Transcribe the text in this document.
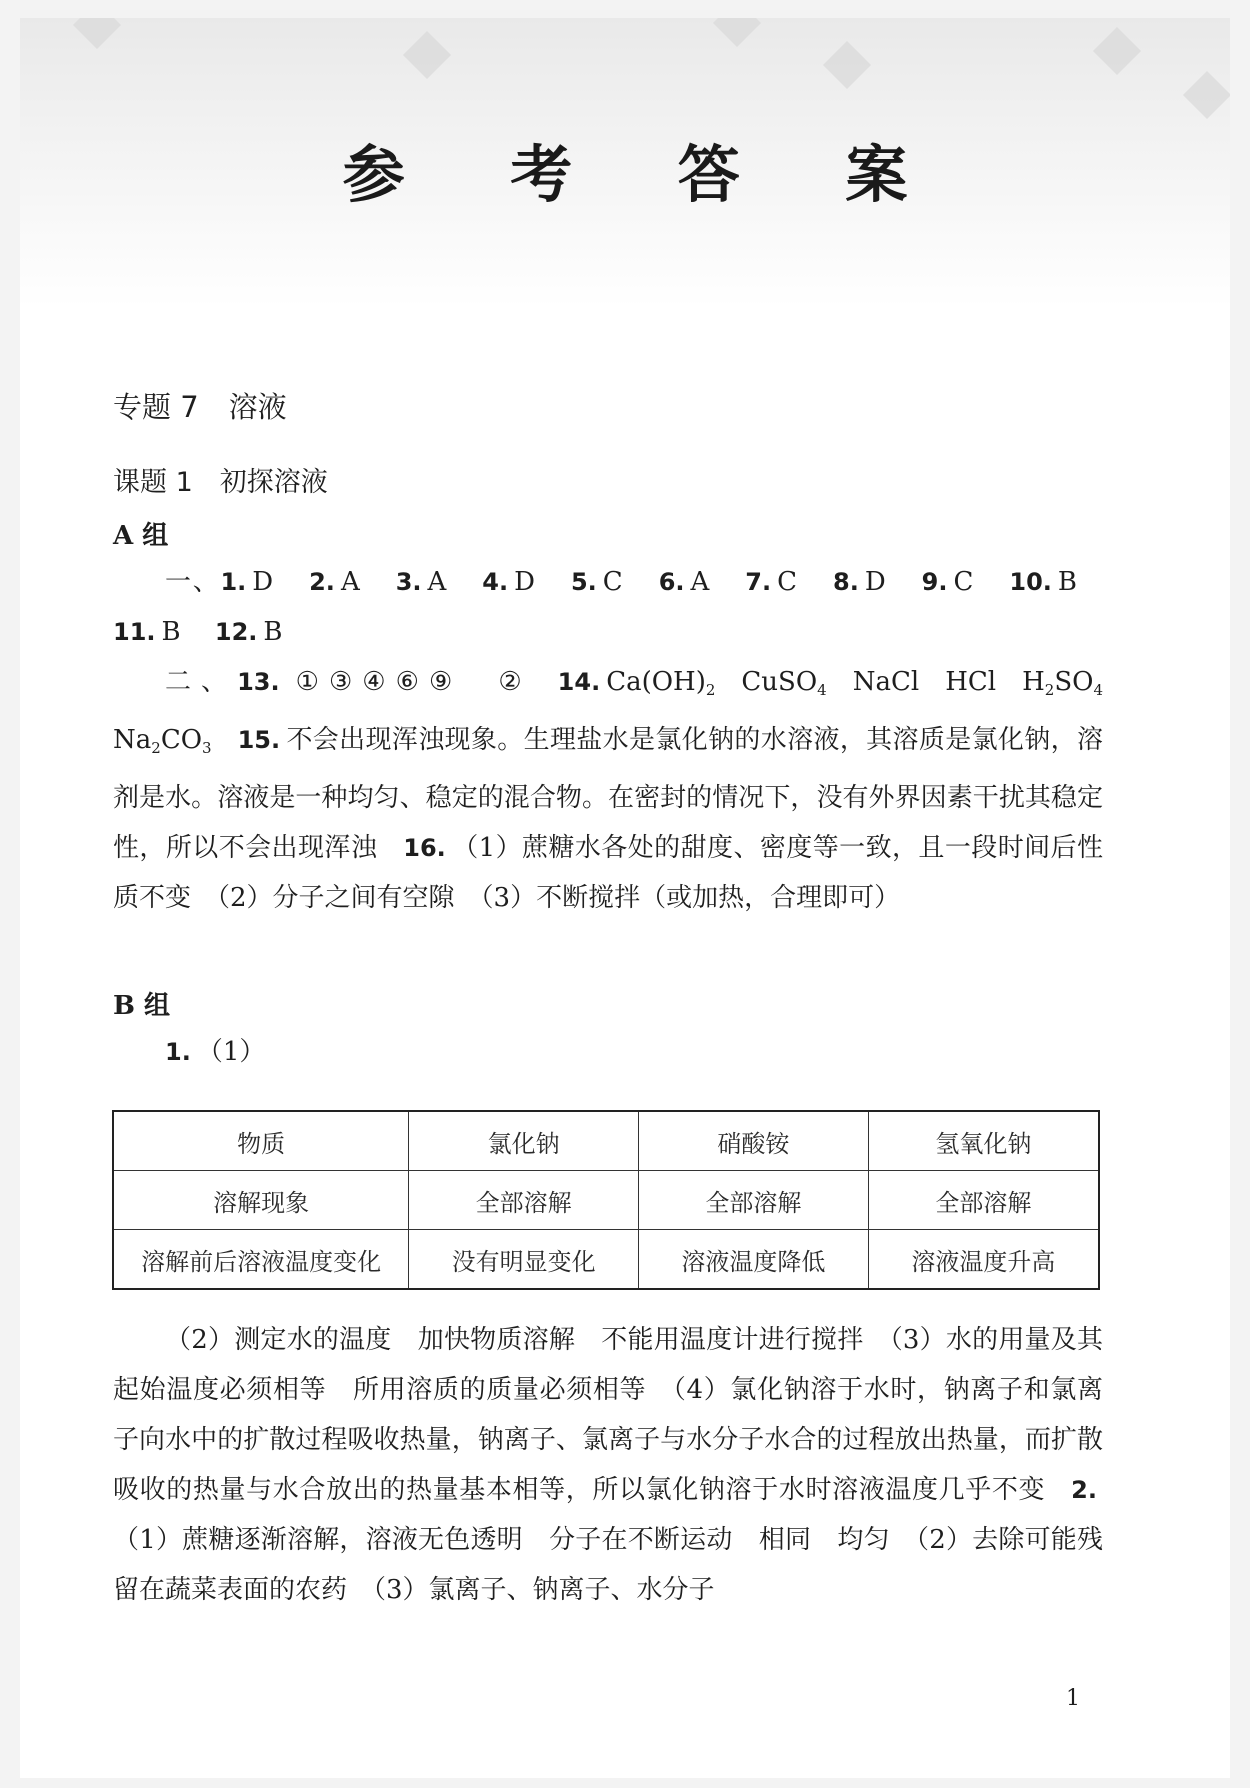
参 考 答 案
专题 7 溶液
课题 1　初探溶液
A 组
一、1. D 2. A 3. A 4. D 5. C 6. A 7. C 8. D 9. C 10. B 11. B 12. B
二、13. ①③④⑥⑨ ② 14. $Ca(OH)_2$ CuSO$_4$ NaCl HCl $H_2SO_4$ $Na_2CO_3$ 15. 不会出现浑浊现象。生理盐水是氯化钠的水溶液，其溶质是氯化钠，溶剂是水。溶液是一种均匀、稳定的混合物。在密封的情况下，没有外界因素干扰其稳定性，所以不会出现浑浊 16. （1）蔗糖水各处的甜度、密度等一致，且一段时间后性质不变　（2）分子之间有空隙　（3）不断搅拌（或加热，合理即可）
B 组
1. （1）
物质	氯化钠	硝酸铵	氢氧化钠
溶解现象	全部溶解	全部溶解	全部溶解
溶解前后溶液温度变化	没有明显变化	溶液温度降低	溶液温度升高
（2）测定水的温度　加快物质溶解　不能用温度计进行搅拌　（3）水的用量及其起始温度必须相等　所用溶质的质量必须相等　（4）氯化钠溶于水时，钠离子和氯离子向水中的扩散过程吸收热量，钠离子、氯离子与水分子水合的过程放出热量，而扩散吸收的热量与水合放出的热量基本相等，所以氯化钠溶于水时溶液温度几乎不变 2.（1）蔗糖逐渐溶解，溶液无色透明　分子在不断运动　相同　均匀　（2）去除可能残留在蔬菜表面的农药　（3）氯离子、钠离子、水分子
1
